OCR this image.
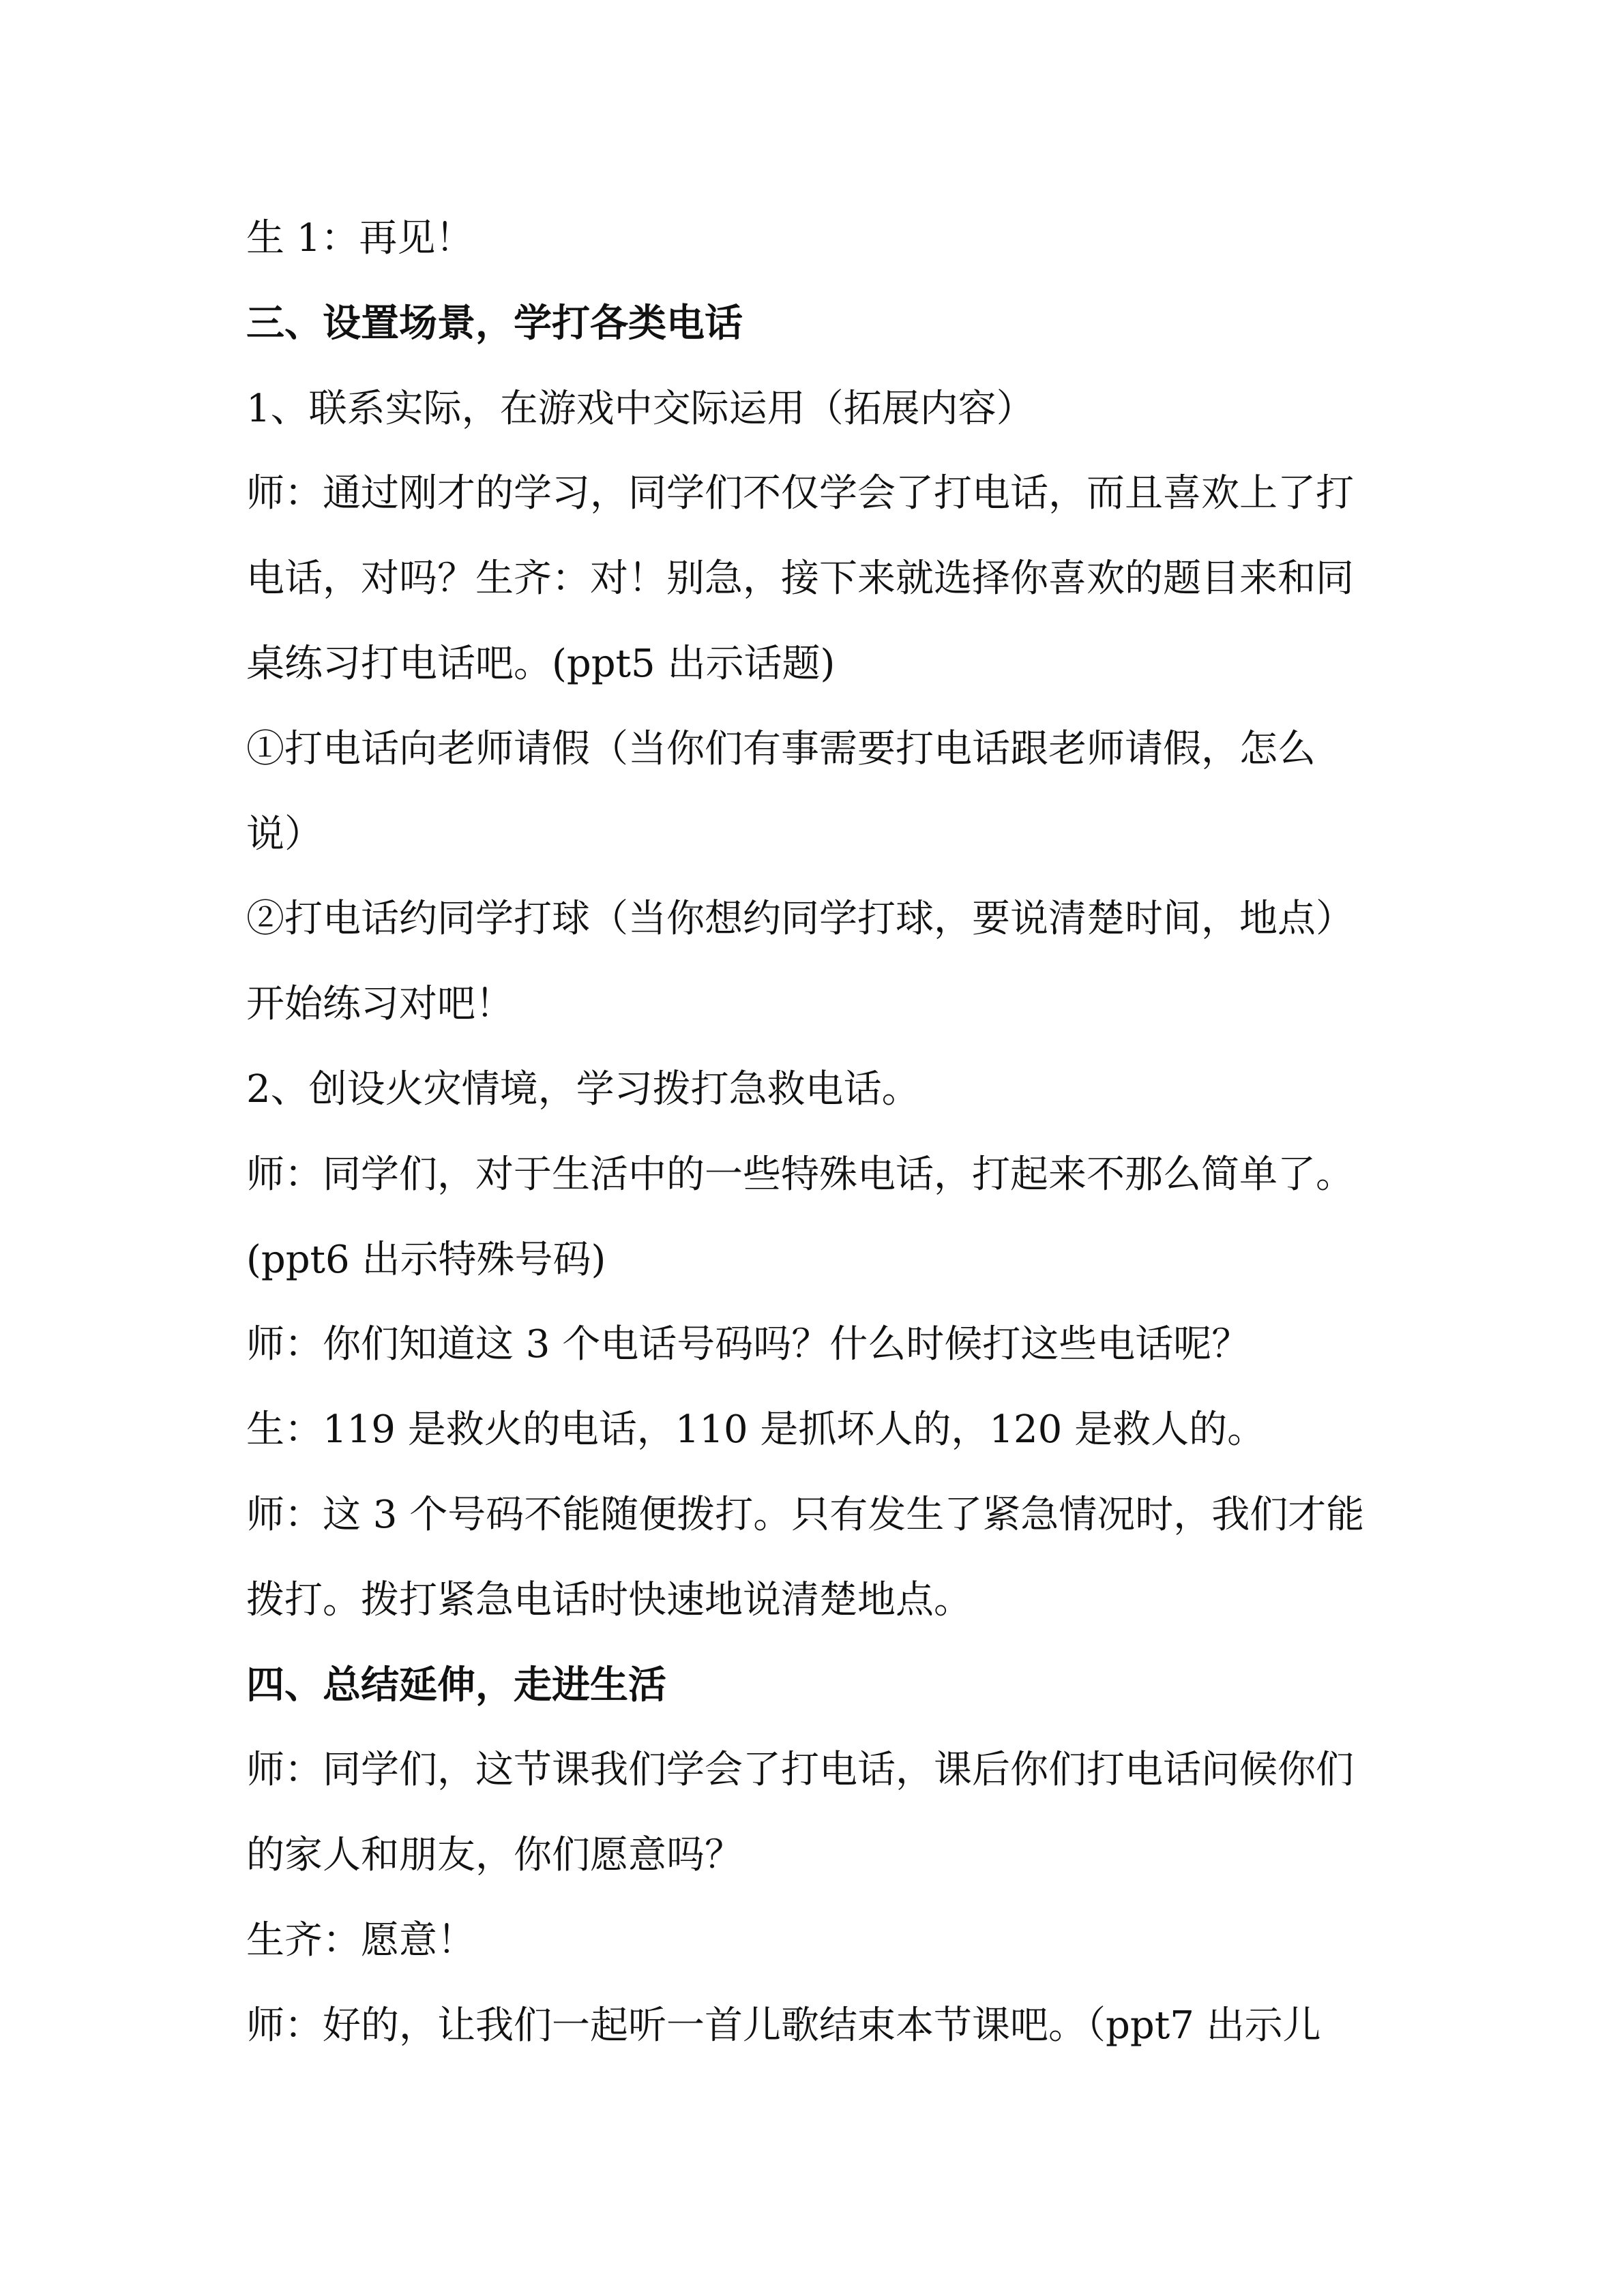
生 1：再见！
三、设置场景，学打各类电话
1、联系实际，在游戏中交际运用（拓展内容）
师：通过刚才的学习，同学们不仅学会了打电话，而且喜欢上了打
电话，对吗？生齐：对！别急，接下来就选择你喜欢的题目来和同
桌练习打电话吧。(ppt5 出示话题)
①打电话向老师请假（当你们有事需要打电话跟老师请假，怎么
说）
②打电话约同学打球（当你想约同学打球，要说清楚时间，地点）
开始练习对吧！
2、创设火灾情境，学习拨打急救电话。
师：同学们，对于生活中的一些特殊电话，打起来不那么简单了。
(ppt6 出示特殊号码)
师：你们知道这 3 个电话号码吗？什么时候打这些电话呢？
生：119 是救火的电话，110 是抓坏人的，120 是救人的。
师：这 3 个号码不能随便拨打。只有发生了紧急情况时，我们才能
拨打。拨打紧急电话时快速地说清楚地点。
四、总结延伸，走进生活
师：同学们，这节课我们学会了打电话，课后你们打电话问候你们
的家人和朋友，你们愿意吗？
生齐：愿意！
师：好的，让我们一起听一首儿歌结束本节课吧。（ppt7 出示儿
